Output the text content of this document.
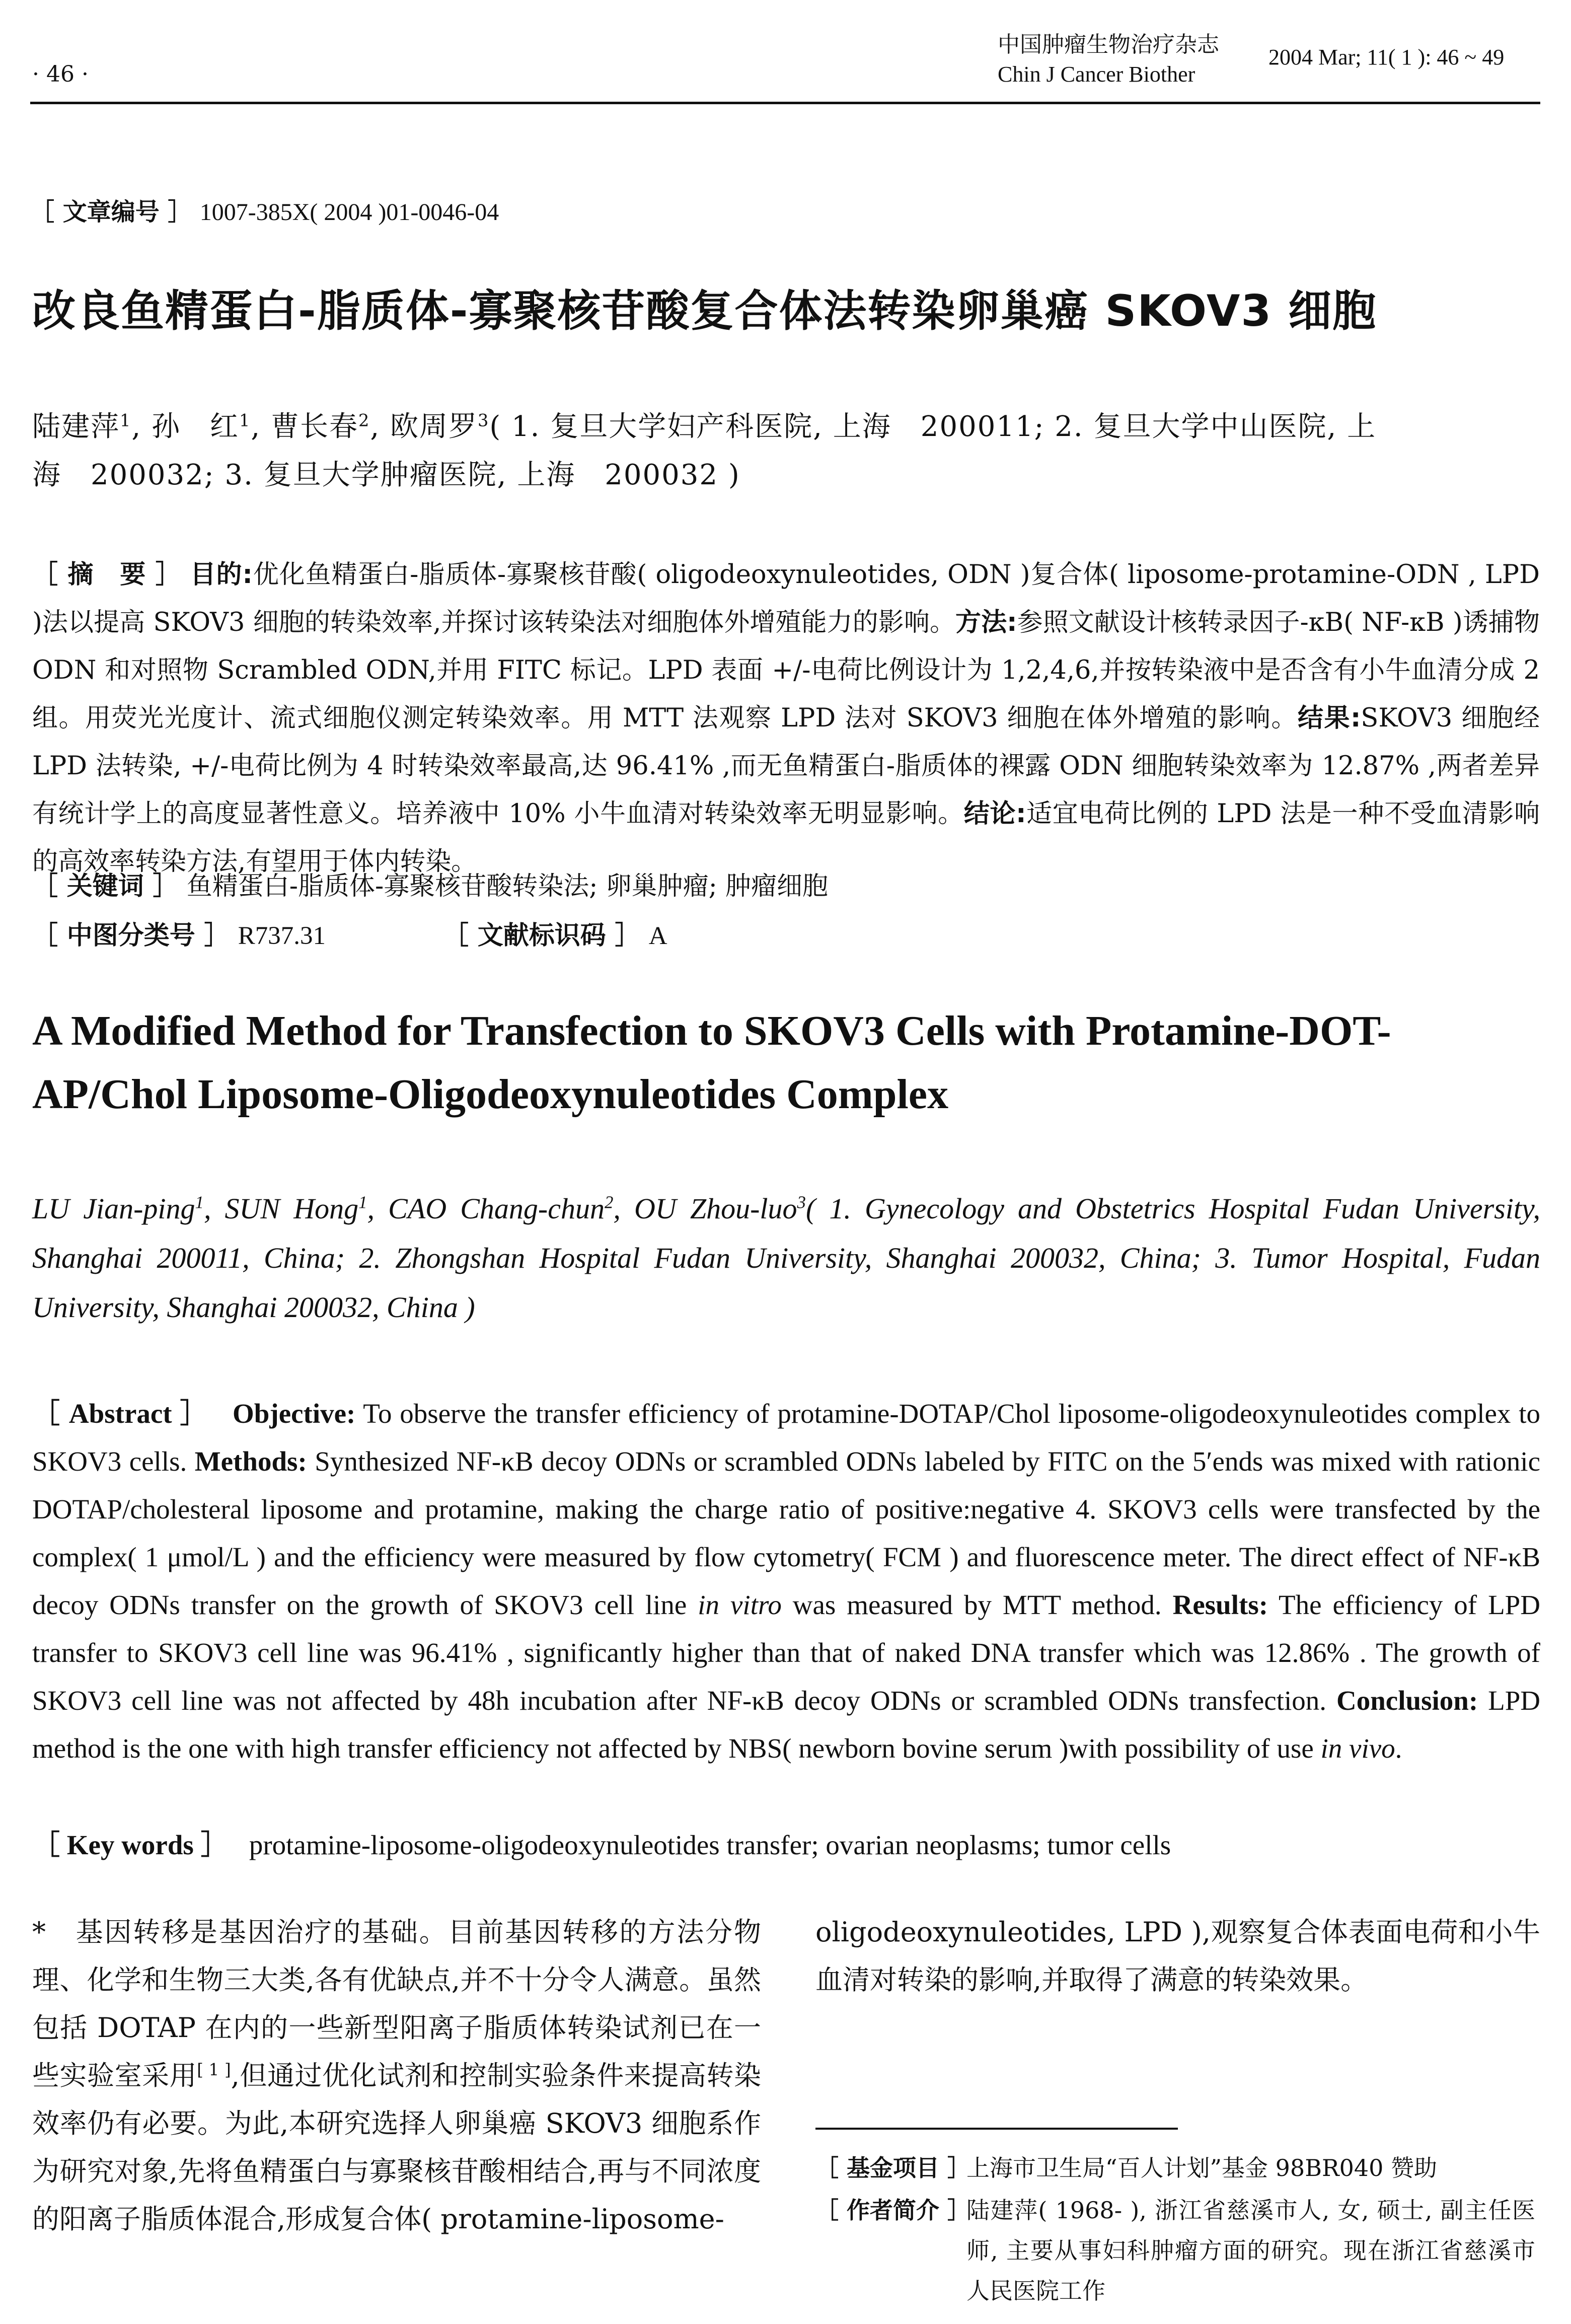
· 46 ·
中国肿瘤生物治疗杂志
Chin J Cancer Biother
2004 Mar; 11( 1 ): 46 ~ 49
［ 文章编号 ］ 1007-385X( 2004 )01-0046-04
改良鱼精蛋白-脂质体-寡聚核苷酸复合体法转染卵巢癌 SKOV3 细胞
陆建萍$^1$, 孙　红$^1$, 曹长春$^2$, 欧周罗$^3$( 1. 复旦大学妇产科医院, 上海　200011; 2. 复旦大学中山医院, 上
海　200032; 3. 复旦大学肿瘤医院, 上海　200032 )
［ 摘　要 ］ 目的:优化鱼精蛋白-脂质体-寡聚核苷酸( oligodeoxynuleotides, ODN )复合体( liposome-protamine-ODN , LPD )法以提高 SKOV3 细胞的转染效率,并探讨该转染法对细胞体外增殖能力的影响。方法:参照文献设计核转录因子-κB( NF-κB )诱捕物 ODN 和对照物 Scrambled ODN,并用 FITC 标记。LPD 表面 +/-电荷比例设计为 1,2,4,6,并按转染液中是否含有小牛血清分成 2 组。用荧光光度计、流式细胞仪测定转染效率。用 MTT 法观察 LPD 法对 SKOV3 细胞在体外增殖的影响。结果:SKOV3 细胞经 LPD 法转染, +/-电荷比例为 4 时转染效率最高,达 96.41% ,而无鱼精蛋白-脂质体的裸露 ODN 细胞转染效率为 12.87% ,两者差异有统计学上的高度显著性意义。培养液中 10% 小牛血清对转染效率无明显影响。结论:适宜电荷比例的 LPD 法是一种不受血清影响的高效率转染方法,有望用于体内转染。
［ 关键词 ］ 鱼精蛋白-脂质体-寡聚核苷酸转染法; 卵巢肿瘤; 肿瘤细胞
［ 中图分类号 ］ R737.31	［ 文献标识码 ］ A
A Modified Method for Transfection to SKOV3 Cells with Protamine-DOT-
AP/Chol Liposome-Oligodeoxynuleotides Complex
LU Jian-ping$^1$, SUN Hong$^1$, CAO Chang-chun$^2$, OU Zhou-luo$^3$( 1. Gynecology and Obstetrics Hospital Fudan University, Shanghai 200011, China; 2. Zhongshan Hospital Fudan University, Shanghai 200032, China; 3. Tumor Hospital, Fudan University, Shanghai 200032, China )
［ Abstract ］ Objective: To observe the transfer efficiency of protamine-DOTAP/Chol liposome-oligodeoxynuleotides complex to SKOV3 cells. Methods: Synthesized NF-κB decoy ODNs or scrambled ODNs labeled by FITC on the 5′ends was mixed with rationic DOTAP/cholesteral liposome and protamine, making the charge ratio of positive:negative 4. SKOV3 cells were transfected by the complex( 1 μmol/L ) and the efficiency were measured by flow cytometry( FCM ) and fluorescence meter. The direct effect of NF-κB decoy ODNs transfer on the growth of SKOV3 cell line in vitro was measured by MTT method. Results: The efficiency of LPD transfer to SKOV3 cell line was 96.41% , significantly higher than that of naked DNA transfer which was 12.86% . The growth of SKOV3 cell line was not affected by 48h incubation after NF-κB decoy ODNs or scrambled ODNs transfection. Conclusion: LPD method is the one with high transfer efficiency not affected by NBS( newborn bovine serum )with possibility of use in vivo.
［ Key words ］ protamine-liposome-oligodeoxynuleotides transfer; ovarian neoplasms; tumor cells
*　基因转移是基因治疗的基础。目前基因转移的方法分物理、化学和生物三大类,各有优缺点,并不十分令人满意。虽然包括 DOTAP 在内的一些新型阳离子脂质体转染试剂已在一些实验室采用[ 1 ],但通过优化试剂和控制实验条件来提高转染效率仍有必要。为此,本研究选择人卵巢癌 SKOV3 细胞系作为研究对象,先将鱼精蛋白与寡聚核苷酸相结合,再与不同浓度的阳离子脂质体混合,形成复合体( protamine-liposome-
oligodeoxynuleotides, LPD ),观察复合体表面电荷和小牛血清对转染的影响,并取得了满意的转染效果。
［ 基金项目 ］上海市卫生局“百人计划”基金 98BR040 赞助
［ 作者简介 ］陆建萍( 1968- ), 浙江省慈溪市人, 女, 硕士, 副主任医师, 主要从事妇科肿瘤方面的研究。现在浙江省慈溪市人民医院工作
